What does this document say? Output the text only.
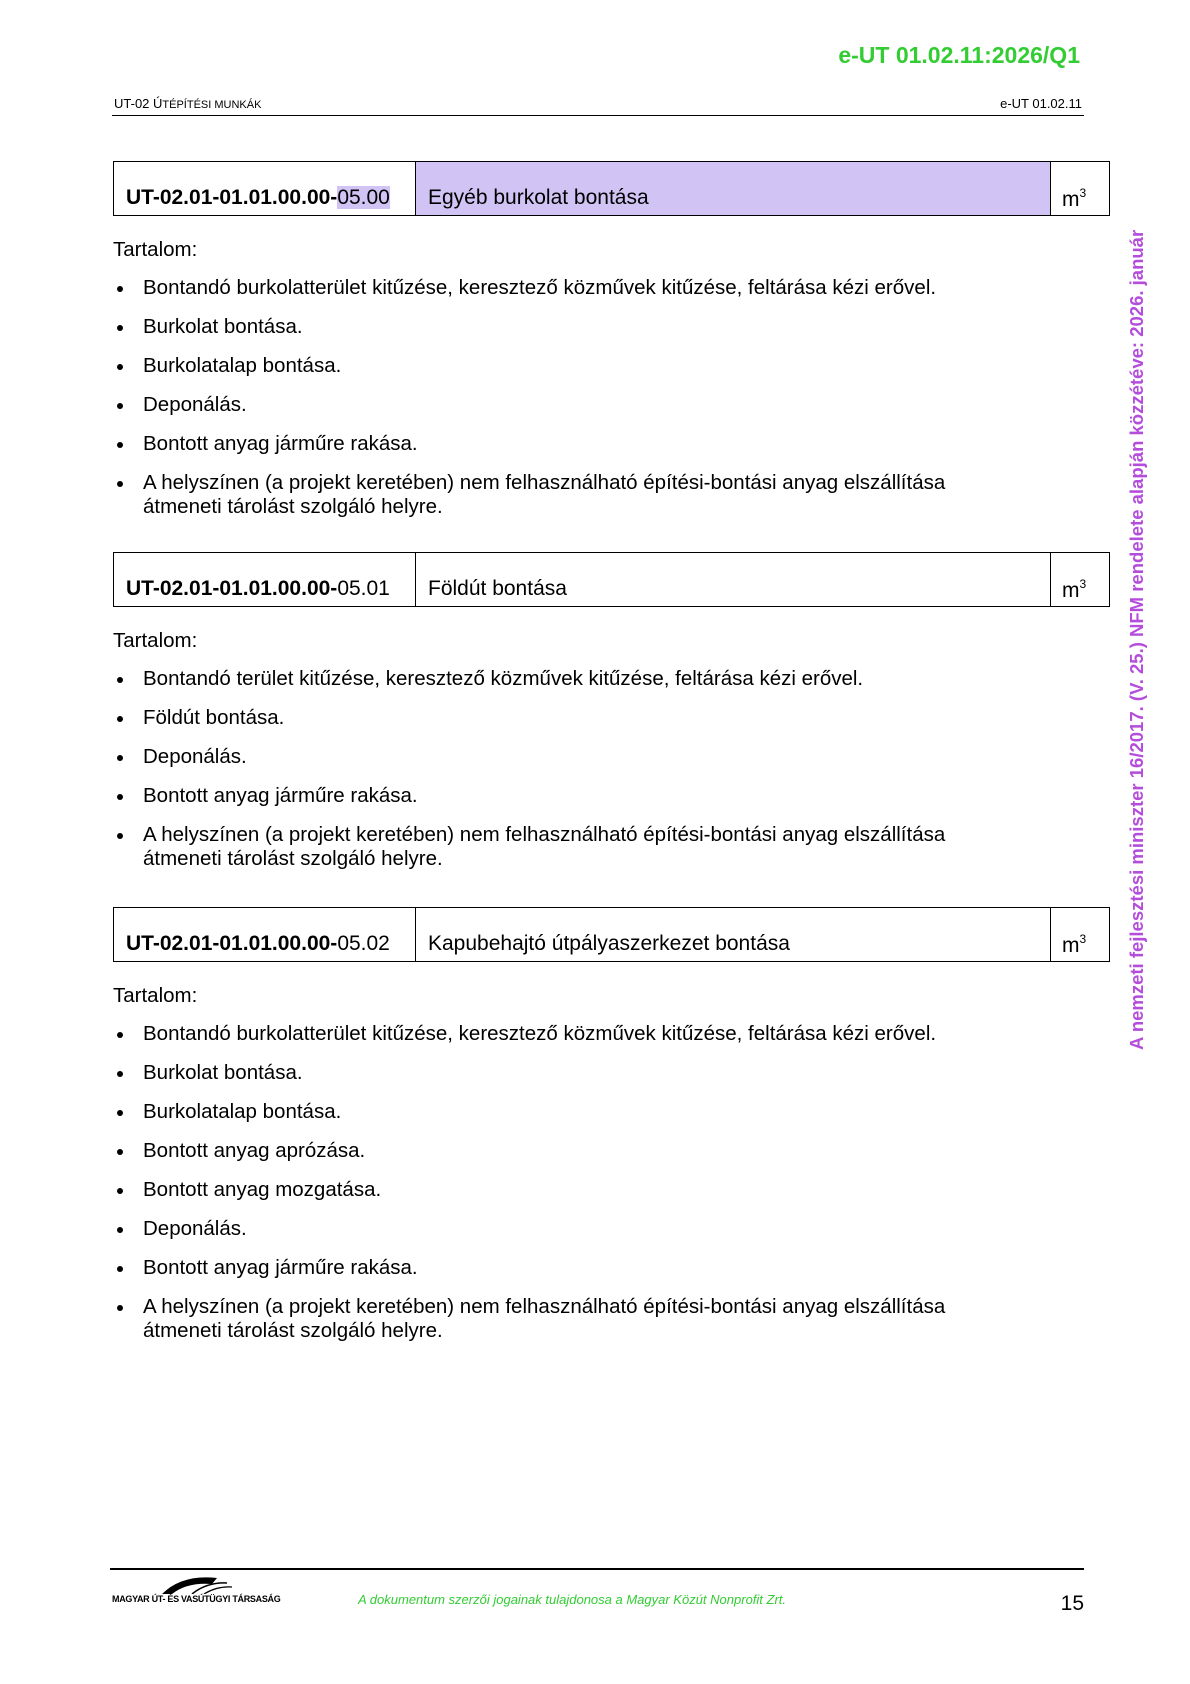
e-UT 01.02.11:2026/Q1
UT-02 ÚTÉPÍTÉSI MUNKÁK	e-UT 01.02.11
UT-02.01-01.01.00.00-05.00	Egyéb burkolat bontása	$m^3$
Tartalom:
Bontandó burkolatterület kitűzése, keresztező közművek kitűzése, feltárása kézi erővel.
Burkolat bontása.
Burkolatalap bontása.
Deponálás.
Bontott anyag járműre rakása.
A helyszínen (a projekt keretében) nem felhasználható építési-bontási anyag elszállítása átmeneti tárolást szolgáló helyre.
UT-02.01-01.01.00.00-05.01	Földút bontása	$m^3$
Tartalom:
Bontandó terület kitűzése, keresztező közművek kitűzése, feltárása kézi erővel.
Földút bontása.
Deponálás.
Bontott anyag járműre rakása.
A helyszínen (a projekt keretében) nem felhasználható építési-bontási anyag elszállítása átmeneti tárolást szolgáló helyre.
UT-02.01-01.01.00.00-05.02	Kapubehajtó útpályaszerkezet bontása	$m^3$
Tartalom:
Bontandó burkolatterület kitűzése, keresztező közművek kitűzése, feltárása kézi erővel.
Burkolat bontása.
Burkolatalap bontása.
Bontott anyag aprózása.
Bontott anyag mozgatása.
Deponálás.
Bontott anyag járműre rakása.
A helyszínen (a projekt keretében) nem felhasználható építési-bontási anyag elszállítása átmeneti tárolást szolgáló helyre.
A nemzeti fejlesztési miniszter 16/2017. (V. 25.) NFM rendelete alapján közzétéve: 2026. január
MAGYAR ÚT- ÉS VASÚTÜGYI TÁRSASÁG	A dokumentum szerzői jogainak tulajdonosa a Magyar Közút Nonprofit Zrt.	15
